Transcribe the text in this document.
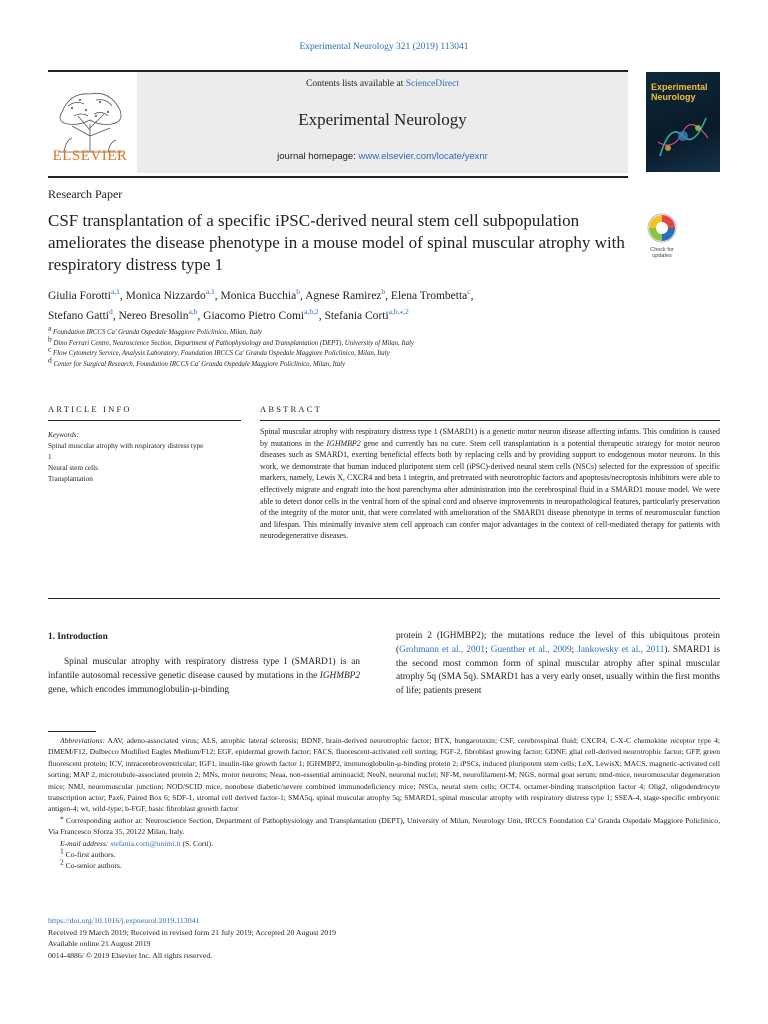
Experimental Neurology 321 (2019) 113041
ELSEVIER
Contents lists available at ScienceDirect
Experimental Neurology
journal homepage: www.elsevier.com/locate/yexnr
Experimental Neurology
Research Paper
CSF transplantation of a specific iPSC-derived neural stem cell subpopulation ameliorates the disease phenotype in a mouse model of spinal muscular atrophy with respiratory distress type 1
Check for
updates
Giulia Forotti$^{a,1}$, Monica Nizzardo$^{a,1}$, Monica Bucchia$^b$, Agnese Ramirez$^b$, Elena Trombetta$^c$,
Stefano Gatti$^d$, Nereo Bresolin$^{a,b}$, Giacomo Pietro Comi$^{a,b,2}$, Stefania Corti$^{a,b,⁎,2}$
$^a$ Foundation IRCCS Ca' Granda Ospedale Maggiore Policlinico, Milan, Italy
$^b$ Dino Ferrari Centre, Neuroscience Section, Department of Pathophysiology and Transplantation (DEPT), University of Milan, Italy
$^c$ Flow Cytometry Service, Analysis Laboratory, Foundation IRCCS Ca' Granda Ospedale Maggiore Policlinico, Milan, Italy
$^d$ Center for Surgical Research, Foundation IRCCS Ca' Granda Ospedale Maggiore Policlinico, Milan, Italy
ARTICLE INFO	ABSTRACT
Keywords:
Spinal muscular atrophy with respiratory distress type 1
Neural stem cells
Transplantation
Spinal muscular atrophy with respiratory distress type 1 (SMARD1) is a genetic motor neuron disease affecting infants. This condition is caused by mutations in the IGHMBP2 gene and currently has no cure. Stem cell transplantation is a potential therapeutic strategy for motor neuron diseases such as SMARD1, exerting beneficial effects both by replacing cells and by providing support to endogenous motor neurons. In this work, we demonstrate that human induced pluripotent stem cell (iPSC)-derived neural stem cells (NSCs) selected for the expression of specific markers, namely, Lewis X, CXCR4 and beta 1 integrin, and pretreated with neurotrophic factors and apoptosis/necroptosis inhibitors were able to effectively migrate and engraft into the host parenchyma after administration into the cerebrospinal fluid in a SMARD1 mouse model. We were able to detect donor cells in the ventral horn of the spinal cord and observe improvements in neuropathological features, particularly preservation of the integrity of the motor unit, that were correlated with amelioration of the SMARD1 disease phenotype in terms of neuromuscular function and lifespan. This minimally invasive stem cell approach can confer major advantages in the context of cell-mediated therapy for patients with neurodegenerative diseases.
1. Introduction
Spinal muscular atrophy with respiratory distress type I (SMARD1) is an infantile autosomal recessive genetic disease caused by mutations in the IGHMBP2 gene, which encodes immunoglobulin-μ-binding
protein 2 (IGHMBP2); the mutations reduce the level of this ubiquitous protein (Grohmann et al., 2001; Guenther et al., 2009; Jankowsky et al., 2011). SMARD1 is the second most common form of spinal muscular atrophy after spinal muscular atrophy 5q (SMA 5q). SMARD1 has a very early onset, usually within the first months of life; patients present

Abbreviations: AAV, adeno-associated virus; ALS, atrophic lateral sclerosis; BDNF, brain-derived neurotrophic factor; BTX, bungarotoxin; CSF, cerebrospinal fluid; CXCR4, C-X-C chemokine receptor type 4; DMEM/F12, Dulbecco Modified Eagles Medium/F12; EGF, epidermal growth factor; FACS, fluorescent-activated cell sorting; FGF-2, fibroblast growing factor; GDNF, glial cell-derived neurotrophic factor; GFP, green fluorescent protein; ICV, intracerebroventricular; IGF1, insulin-like growth factor 1; IGHMBP2, immunoglobulin-μ-binding protein 2; iPSCs, induced pluripotent stem cells; LeX, LewisX; MACS, magnetic-activated cell sorting; MAP 2, microtubule-associated protein 2; MNs, motor neurons; Neaa, non-essential aminoacid; NeuN, neuronal nuclei; NF-M, neurofilament-M; NGS, normal goat serum; nmd-mice, neuromuscular degeneration mice; NMJ, neuromuscular junction; NOD/SCID mice, nonobese diabetic/severe combined immunodeficiency mice; NSCs, neural stem cells; OCT4, octamer-binding transcription factor 4; Olig2, oligodendrocyte transcription actor; Pax6, Paired Box 6; SDF-1, stromal cell derived factor-1; SMA5q, spinal muscular atrophy 5q; SMARD1, spinal muscular atrophy with respiratory distress type 1; SSEA-4, stage-specific embryonic antigen-4; wt, wild-type; b-FGF, basic fibroblast growth factor

⁎ Corresponding author at: Neuroscience Section, Department of Pathophysiology and Transplantation (DEPT), University of Milan, Neurology Unit, IRCCS Foundation Ca' Granda Ospedale Maggiore Policlinico, Via Francesco Sforza 35, 20122 Milan, Italy.

E-mail address: stefania.corti@unimi.it (S. Corti).

$^1$ Co-first authors.

$^2$ Co-senior authors.

https://doi.org/10.1016/j.expneurol.2019.113041

Received 19 March 2019; Received in revised form 21 July 2019; Accepted 20 August 2019

Available online 21 August 2019

0014-4886/ © 2019 Elsevier Inc. All rights reserved.
